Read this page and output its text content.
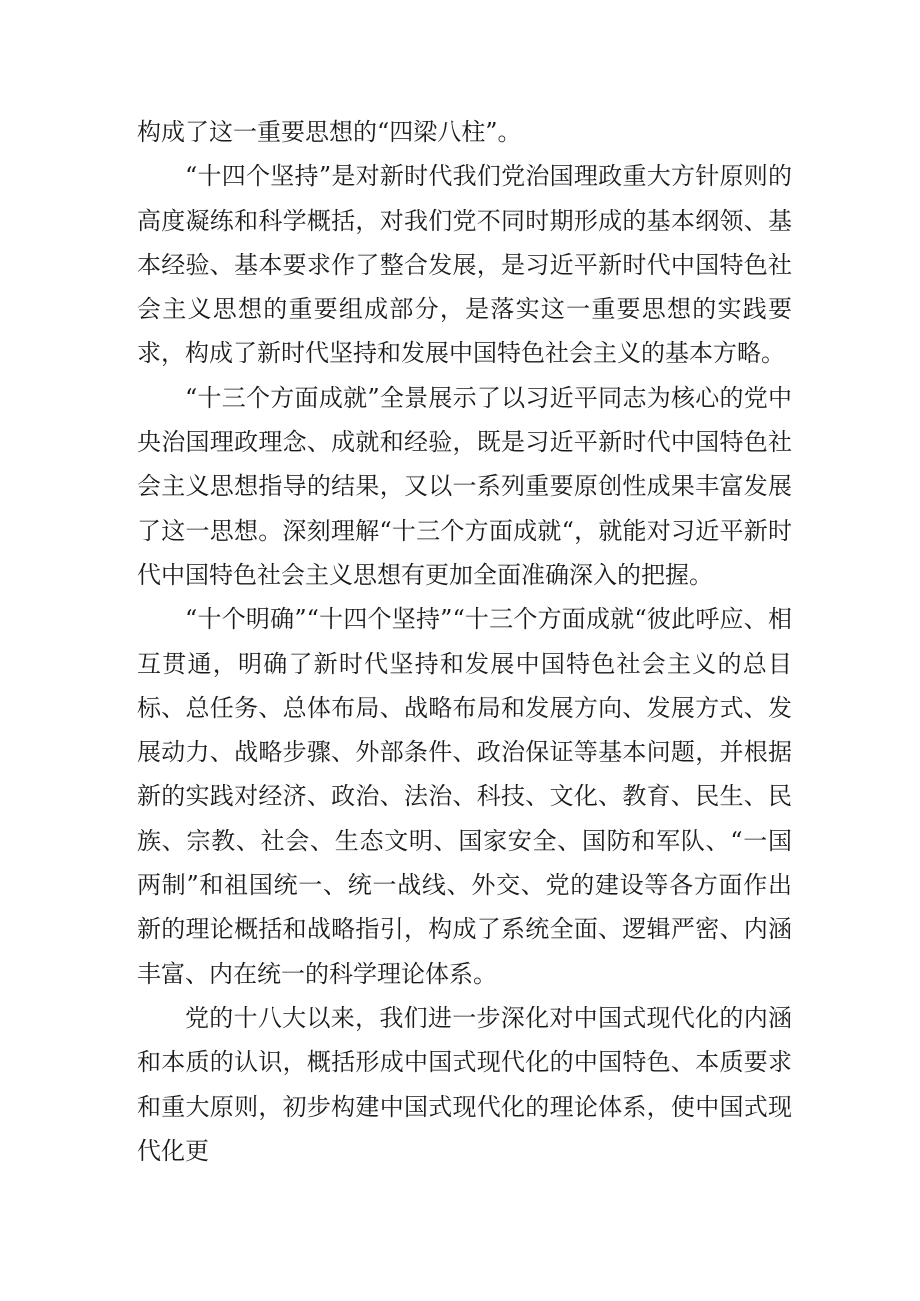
构成了这一重要思想的“四梁八柱”。

“十四个坚持”是对新时代我们党治国理政重大方针原则的高度凝练和科学概括，对我们党不同时期形成的基本纲领、基本经验、基本要求作了整合发展，是习近平新时代中国特色社会主义思想的重要组成部分，是落实这一重要思想的实践要求，构成了新时代坚持和发展中国特色社会主义的基本方略。

“十三个方面成就”全景展示了以习近平同志为核心的党中央治国理政理念、成就和经验，既是习近平新时代中国特色社会主义思想指导的结果，又以一系列重要原创性成果丰富发展了这一思想。深刻理解“十三个方面成就“，就能对习近平新时代中国特色社会主义思想有更加全面准确深入的把握。

“十个明确”“十四个坚持”“十三个方面成就“彼此呼应、相互贯通，明确了新时代坚持和发展中国特色社会主义的总目标、总任务、总体布局、战略布局和发展方向、发展方式、发展动力、战略步骤、外部条件、政治保证等基本问题，并根据新的实践对经济、政治、法治、科技、文化、教育、民生、民族、宗教、社会、生态文明、国家安全、国防和军队、“一国两制”和祖国统一、统一战线、外交、党的建设等各方面作出新的理论概括和战略指引，构成了系统全面、逻辑严密、内涵丰富、内在统一的科学理论体系。

党的十八大以来，我们进一步深化对中国式现代化的内涵和本质的认识，概括形成中国式现代化的中国特色、本质要求和重大原则，初步构建中国式现代化的理论体系，使中国式现代化更
